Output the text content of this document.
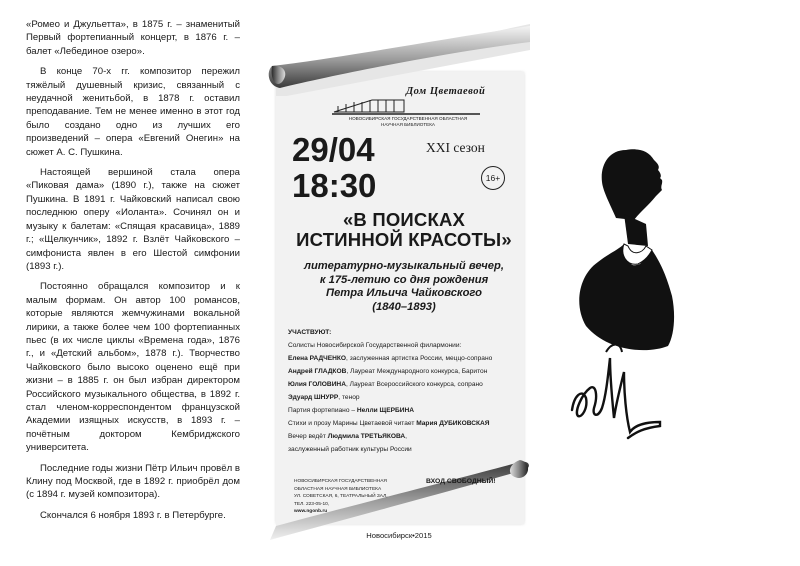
«Ромео и Джульетта», в 1875 г. – знаменитый Первый фортепианный концерт, в 1876 г. – балет «Лебединое озеро».

В конце 70-х гг. композитор пережил тяжёлый душевный кризис, связанный с неудачной женитьбой, в 1878 г. оставил преподавание. Тем не менее именно в этот год было создано одно из лучших его произведений – опера «Евгений Онегин» на сюжет А. С. Пушкина.

Настоящей вершиной стала опера «Пиковая дама» (1890 г.), также на сюжет Пушкина. В 1891 г. Чайковский написал свою последнюю оперу «Иоланта». Сочинял он и музыку к балетам: «Спящая красавица», 1889 г.; «Щелкунчик», 1892 г. Взлёт Чайковского – симфониста явлен в его Шестой симфонии (1893 г.).

Постоянно обращался композитор и к малым формам. Он автор 100 романсов, которые являются жемчужинами вокальной лирики, а также более чем 100 фортепианных пьес (в их числе циклы «Времена года», 1876 г., и «Детский альбом», 1878 г.). Творчество Чайковского было высоко оценено ещё при жизни – в 1885 г. он был избран директором Российского музыкального общества, в 1892 г. стал членом-корреспондентом французской Академии изящных искусств, в 1893 г. – почётным доктором Кембриджского университета.

Последние годы жизни Пётр Ильич провёл в Клину под Москвой, где в 1892 г. приобрёл дом (с 1894 г. музей композитора).

Скончался 6 ноября 1893 г. в Петербурге.

Дом Цветаевой
НОВОСИБИРСКАЯ ГОСУДАРСТВЕННАЯ ОБЛАСТНАЯ НАУЧНАЯ БИБЛИОТЕКА
29/04
18:30
XXI сезон
16+
«В ПОИСКАХ
ИСТИННОЙ КРАСОТЫ»
литературно-музыкальный вечер,
к 175-летию со дня рождения
Петра Ильича Чайковского
(1840–1893)
УЧАСТВУЮТ:
Солисты Новосибирской Государственной филармонии:
Елена РАДЧЕНКО, заслуженная артистка России, меццо-сопрано
Андрей ГЛАДКОВ, Лауреат Международного конкурса, Баритон
Юлия ГОЛОВИНА, Лауреат Всероссийского конкурса, сопрано
Эдуард ШНУРР, тенор
Партия фортепиано – Нелли ЩЕРБИНА
Стихи и прозу Марины Цветаевой читает Мария ДУБИКОВСКАЯ
Вечер ведёт Людмила ТРЕТЬЯКОВА,
заслуженный работник культуры России
НОВОСИБИРСКАЯ ГОСУДАРСТВЕННАЯ
ОБЛАСТНАЯ НАУЧНАЯ БИБЛИОТЕКА
УЛ. СОВЕТСКАЯ, 6, ТЕАТРАЛЬНЫЙ ЗАЛ,
ТЕЛ. 223-05-10,
www.ngonb.ru
ВХОД СВОБОДНЫЙ!
Новосибирск•2015
